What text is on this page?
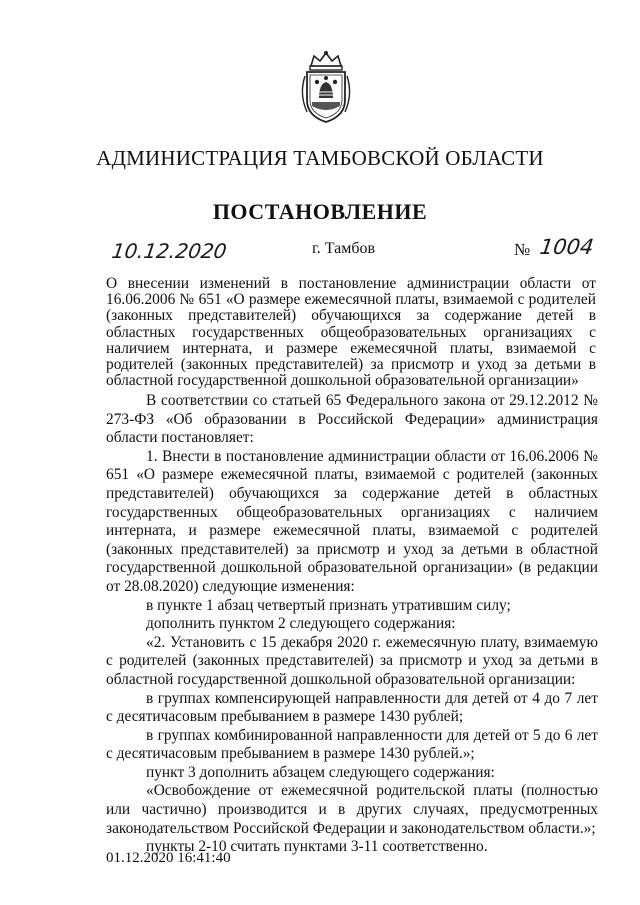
АДМИНИСТРАЦИЯ ТАМБОВСКОЙ ОБЛАСТИ
ПОСТАНОВЛЕНИЕ
10.12.2020	г. Тамбов	№ 1004
О внесении изменений в постановление администрации области от 16.06.2006 № 651 «О размере ежемесячной платы, взимаемой с родителей (законных представителей) обучающихся за содержание детей в областных государственных общеобразовательных организациях с наличием интерната, и размере ежемесячной платы, взимаемой с родителей (законных представителей) за присмотр и уход за детьми в областной государственной дошкольной образовательной организации»

В соответствии со статьей 65 Федерального закона от 29.12.2012 № 273-ФЗ «Об образовании в Российской Федерации» администрация области постановляет:

1. Внести в постановление администрации области от 16.06.2006 № 651 «О размере ежемесячной платы, взимаемой с родителей (законных представителей) обучающихся за содержание детей в областных государственных общеобразовательных организациях с наличием интерната, и размере ежемесячной платы, взимаемой с родителей (законных представителей) за присмотр и уход за детьми в областной государственной дошкольной образовательной организации» (в редакции от 28.08.2020) следующие изменения:

в пункте 1 абзац четвертый признать утратившим силу;

дополнить пунктом 2 следующего содержания:

«2. Установить с 15 декабря 2020 г. ежемесячную плату, взимаемую с родителей (законных представителей) за присмотр и уход за детьми в областной государственной дошкольной образовательной организации:

в группах компенсирующей направленности для детей от 4 до 7 лет с десятичасовым пребыванием в размере 1430 рублей;

в группах комбинированной направленности для детей от 5 до 6 лет с десятичасовым пребыванием в размере 1430 рублей.»;

пункт 3 дополнить абзацем следующего содержания:

«Освобождение от ежемесячной родительской платы (полностью или частично) производится и в других случаях, предусмотренных законодательством Российской Федерации и законодательством области.»;

пункты 2-10 считать пунктами 3-11 соответственно.

01.12.2020 16:41:40
